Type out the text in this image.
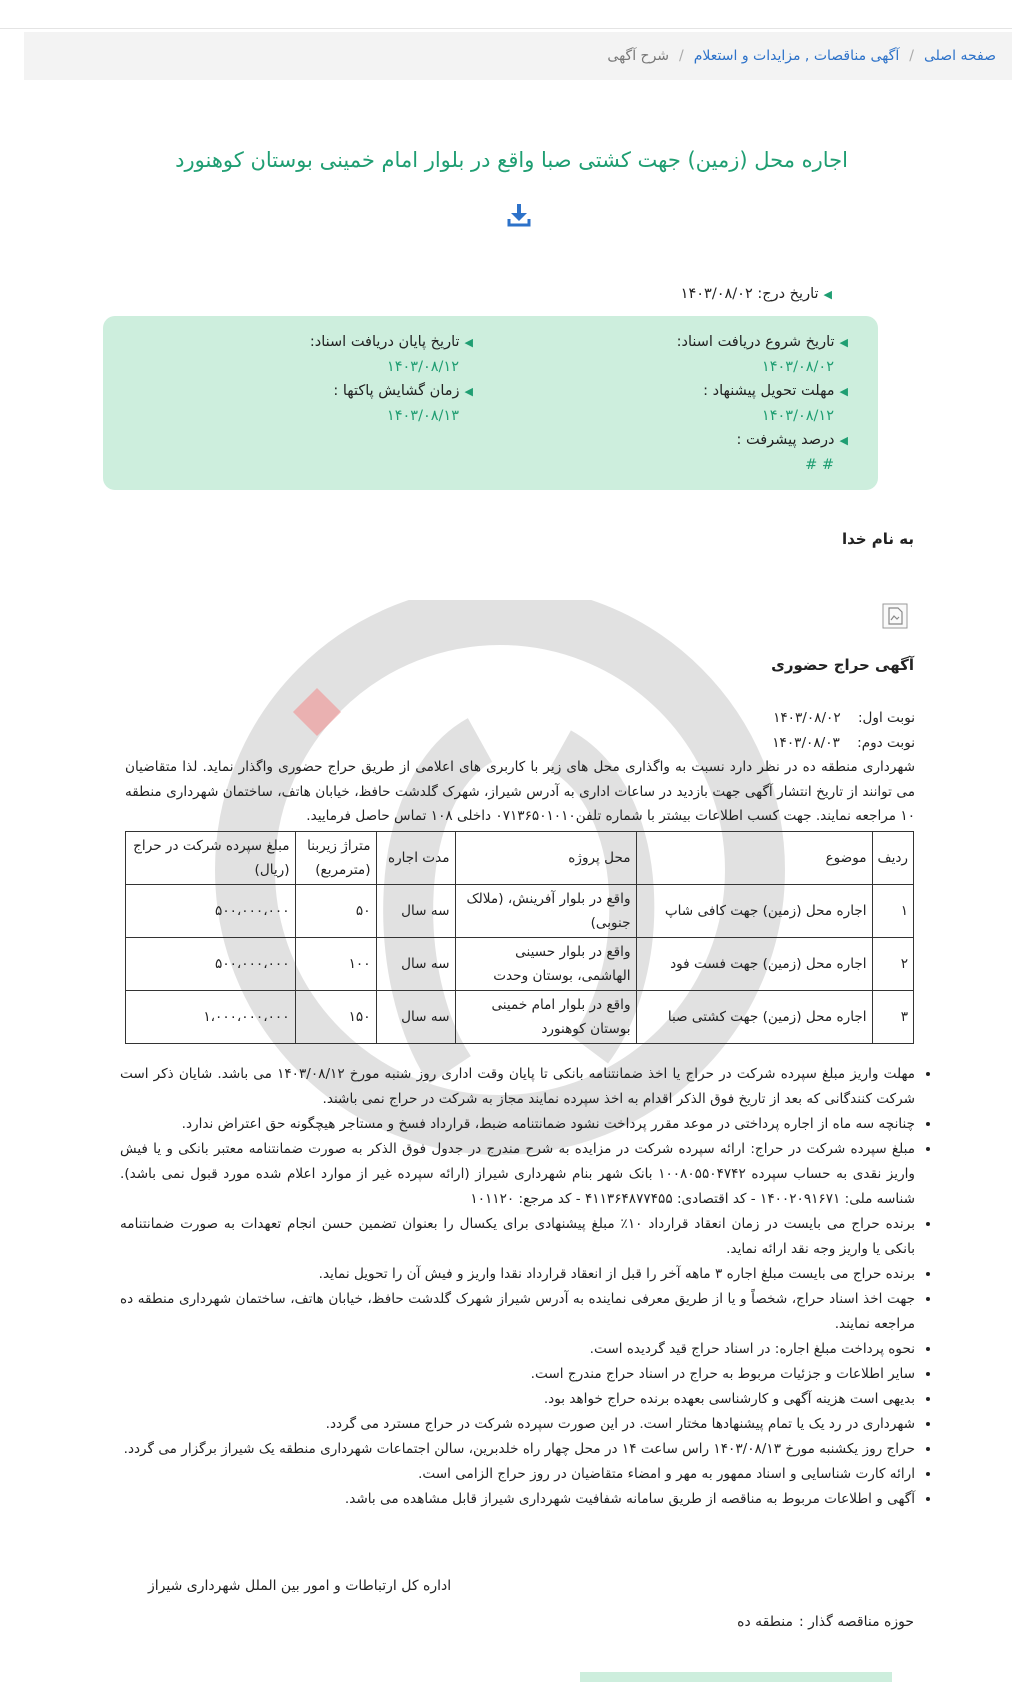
صفحه اصلی
/
آگهی مناقصات , مزایدات و استعلام
/
شرح آگهی
اجاره محل (زمین) جهت کشتی صبا واقع در بلوار امام خمینی بوستان کوهنورد
◀تاریخ درج: ۱۴۰۳/۰۸/۰۲
◀تاریخ شروع دریافت اسناد:
۱۴۰۳/۰۸/۰۲
◀تاریخ پایان دریافت اسناد:
۱۴۰۳/۰۸/۱۲
◀مهلت تحویل پیشنهاد :
۱۴۰۳/۰۸/۱۲
◀زمان گشایش پاکتها :
۱۴۰۳/۰۸/۱۳
◀درصد پیشرفت :
# #
به نام خدا
آگهی حراج حضوری

نوبت اول:    ۱۴۰۳/۰۸/۰۲

نوبت دوم:    ۱۴۰۳/۰۸/۰۳

شهرداری منطقه ده در نظر دارد نسبت به واگذاری محل های زیر با کاربری های اعلامی از طریق حراج حضوری واگذار نماید. لذا متقاضیان می توانند از تاریخ انتشار آگهی جهت بازدید در ساعات اداری به آدرس شیراز، شهرک گلدشت حافظ، خیابان هاتف، ساختمان شهرداری منطقه ۱۰ مراجعه نمایند. جهت کسب اطلاعات بیشتر با شماره تلفن۰۷۱۳۶۵۰۱۰۱۰ داخلی ۱۰۸ تماس حاصل فرمایید.

ردیف	موضوع	محل پروژه	مدت اجاره	متراژ زیربنا (مترمربع)	مبلغ سپرده شرکت در حراج (ریال)
۱	اجاره محل (زمین) جهت کافی شاپ	واقع در بلوار آفرینش، (ملالک جنوبی)	سه سال	۵۰	۵۰۰،۰۰۰،۰۰۰
۲	اجاره محل (زمین) جهت فست فود	واقع در بلوار حسینی الهاشمی، بوستان وحدت	سه سال	۱۰۰	۵۰۰،۰۰۰،۰۰۰
۳	اجاره محل (زمین) جهت کشتی صبا	واقع در بلوار امام خمینی بوستان کوهنورد	سه سال	۱۵۰	۱،۰۰۰،۰۰۰،۰۰۰
• مهلت واریز مبلغ سپرده شرکت در حراج یا اخذ ضمانتنامه بانکی تا پایان وقت اداری روز شنبه مورخ ۱۴۰۳/۰۸/۱۲ می باشد. شایان ذکر است شرکت کنندگانی که بعد از تاریخ فوق الذکر اقدام به اخذ سپرده نمایند مجاز به شرکت در حراج نمی باشند.
• چنانچه سه ماه از اجاره پرداختی در موعد مقرر پرداخت نشود ضمانتنامه ضبط، قرارداد فسخ و مستاجر هیچگونه حق اعتراض ندارد.
• مبلغ سپرده شرکت در حراج: ارائه سپرده شرکت در مزایده به شرح مندرج در جدول فوق الذکر به صورت ضمانتنامه معتبر بانکی و یا فیش واریز نقدی به حساب سپرده ۱۰۰۸۰۵۵۰۴۷۴۲ بانک شهر بنام شهرداری شیراز (ارائه سپرده غیر از موارد اعلام شده مورد قبول نمی باشد). شناسه ملی: ۱۴۰۰۲۰۹۱۶۷۱ - کد اقتصادی: ۴۱۱۳۶۴۸۷۷۴۵۵ - کد مرجع: ۱۰۱۱۲۰
• برنده حراج می بایست در زمان انعقاد قرارداد ۱۰٪ مبلغ پیشنهادی برای یکسال را بعنوان تضمین حسن انجام تعهدات به صورت ضمانتنامه بانکی یا واریز وجه نقد ارائه نماید.
• برنده حراج می بایست مبلغ اجاره ۳ ماهه آخر را قبل از انعقاد قرارداد نقدا واریز و فیش آن را تحویل نماید.
• جهت اخذ اسناد حراج، شخصاً و یا از طریق معرفی نماینده به آدرس شیراز شهرک گلدشت حافظ، خیابان هاتف، ساختمان شهرداری منطقه ده مراجعه نمایند.
• نحوه پرداخت مبلغ اجاره: در اسناد حراج قید گردیده است.
• سایر اطلاعات و جزئیات مربوط به حراج در اسناد حراج مندرج است.
• بدیهی است هزینه آگهی و کارشناسی بعهده برنده حراج خواهد بود.
• شهرداری در رد یک یا تمام پیشنهادها مختار است. در این صورت سپرده شرکت در حراج مسترد می گردد.
• حراج روز یکشنبه مورخ ۱۴۰۳/۰۸/۱۳ راس ساعت ۱۴ در محل چهار راه خلدبرین، سالن اجتماعات شهرداری منطقه یک شیراز برگزار می گردد.
• ارائه کارت شناسایی و اسناد ممهور به مهر و امضاء متقاضیان در روز حراج الزامی است.
• آگهی و اطلاعات مربوط به مناقصه از طریق سامانه شفافیت شهرداری شیراز قابل مشاهده می باشد.
اداره کل ارتباطات و امور بین الملل شهرداری شیراز
حوزه مناقصه گذار :منطقه ده
